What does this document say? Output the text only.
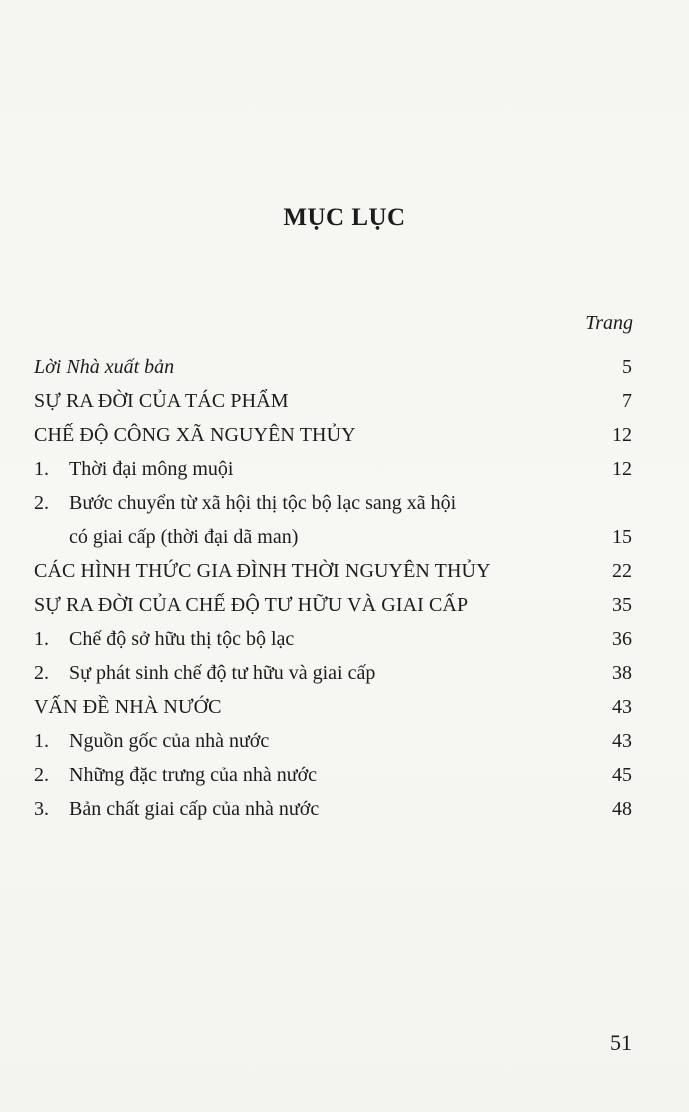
MỤC LỤC
Trang
Lời Nhà xuất bản	5
SỰ RA ĐỜI CỦA TÁC PHẨM	7
CHẾ ĐỘ CÔNG XÃ NGUYÊN THỦY	12
1.	Thời đại mông muội	12
2.	Bước chuyển từ xã hội thị tộc bộ lạc sang xã hội
có giai cấp (thời đại dã man)	15
CÁC HÌNH THỨC GIA ĐÌNH THỜI NGUYÊN THỦY	22
SỰ RA ĐỜI CỦA CHẾ ĐỘ TƯ HỮU VÀ GIAI CẤP	35
1.	Chế độ sở hữu thị tộc bộ lạc	36
2.	Sự phát sinh chế độ tư hữu và giai cấp	38
VẤN ĐỀ NHÀ NƯỚC	43
1.	Nguồn gốc của nhà nước	43
2.	Những đặc trưng của nhà nước	45
3.	Bản chất giai cấp của nhà nước	48
51
